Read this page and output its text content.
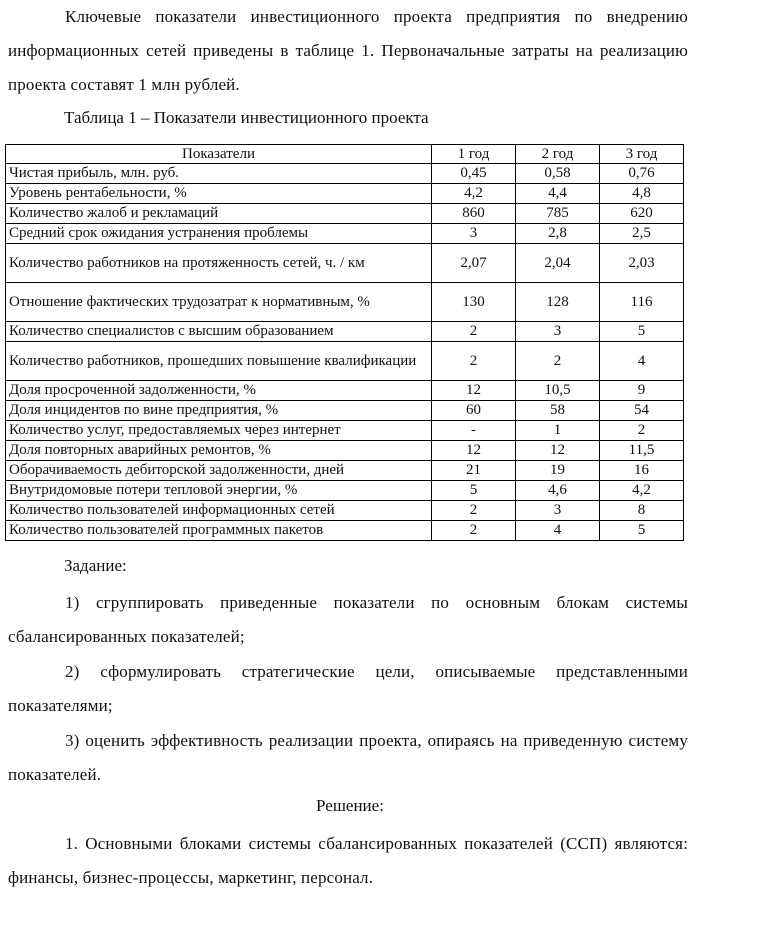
Ключевые показатели инвестиционного проекта предприятия по внедрению информационных сетей приведены в таблице 1. Первоначальные затраты на реализацию проекта составят 1 млн рублей.

Таблица 1 – Показатели инвестиционного проекта

Показатели	1 год	2 год	3 год
Чистая прибыль, млн. руб.	0,45	0,58	0,76
Уровень рентабельности, %	4,2	4,4	4,8
Количество жалоб и рекламаций	860	785	620
Средний срок ожидания устранения проблемы	3	2,8	2,5
Количество работников на протяженность сетей, ч. / км	2,07	2,04	2,03
Отношение фактических трудозатрат к нормативным, %	130	128	116
Количество специалистов с высшим образованием	2	3	5
Количество работников, прошедших повышение квалификации	2	2	4
Доля просроченной задолженности, %	12	10,5	9
Доля инцидентов по вине предприятия, %	60	58	54
Количество услуг, предоставляемых через интернет	-	1	2
Доля повторных аварийных ремонтов, %	12	12	11,5
Оборачиваемость дебиторской задолженности, дней	21	19	16
Внутридомовые потери тепловой энергии, %	5	4,6	4,2
Количество пользователей информационных сетей	2	3	8
Количество пользователей программных пакетов	2	4	5

Задание:

1) сгруппировать приведенные показатели по основным блокам системы сбалансированных показателей;

2) сформулировать стратегические цели, описываемые представленными показателями;

3) оценить эффективность реализации проекта, опираясь на приведенную систему показателей.

Решение:

1. Основными блоками системы сбалансированных показателей (ССП) являются: финансы, бизнес-процессы, маркетинг, персонал.
